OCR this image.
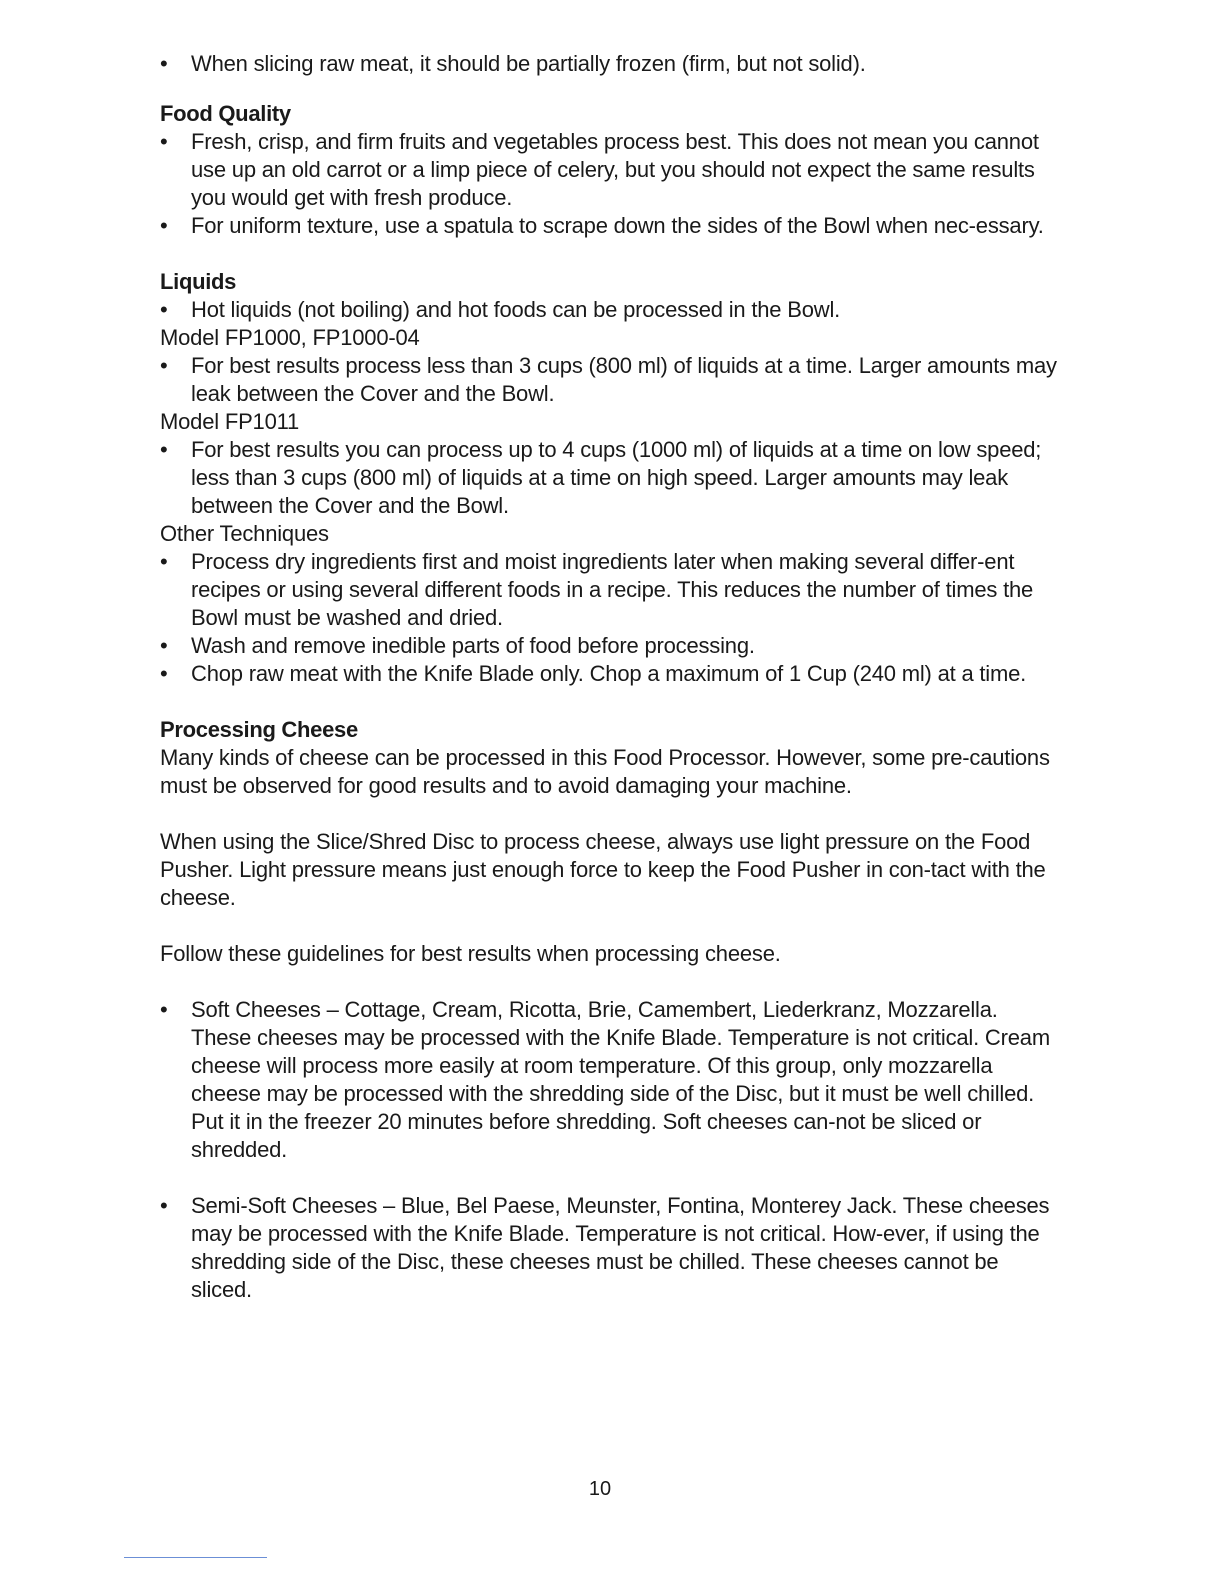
• When slicing raw meat, it should be partially frozen (firm, but not solid).
Food Quality
• Fresh, crisp, and firm fruits and vegetables process best. This does not mean you cannot use up an old carrot or a limp piece of celery, but you should not expect the same results you would get with fresh produce.
• For uniform texture, use a spatula to scrape down the sides of the Bowl when nec-essary.
Liquids
• Hot liquids (not boiling) and hot foods can be processed in the Bowl.

Model FP1000, FP1000-04

• For best results process less than 3 cups (800 ml) of liquids at a time. Larger amounts may leak between the Cover and the Bowl.

Model FP1011

• For best results you can process up to 4 cups (1000 ml) of liquids at a time on low speed; less than 3 cups (800 ml) of liquids at a time on high speed. Larger amounts may leak between the Cover and the Bowl.

Other Techniques

• Process dry ingredients first and moist ingredients later when making several differ-ent recipes or using several different foods in a recipe. This reduces the number of times the Bowl must be washed and dried.
• Wash and remove inedible parts of food before processing.
• Chop raw meat with the Knife Blade only. Chop a maximum of 1 Cup (240 ml) at a time.
Processing Cheese

Many kinds of cheese can be processed in this Food Processor. However, some pre-cautions must be observed for good results and to avoid damaging your machine.

When using the Slice/Shred Disc to process cheese, always use light pressure on the Food Pusher. Light pressure means just enough force to keep the Food Pusher in con-tact with the cheese.

Follow these guidelines for best results when processing cheese.

• Soft Cheeses – Cottage, Cream, Ricotta, Brie, Camembert, Liederkranz, Mozzarella. These cheeses may be processed with the Knife Blade. Temperature is not critical. Cream cheese will process more easily at room temperature. Of this group, only mozzarella cheese may be processed with the shredding side of the Disc, but it must be well chilled. Put it in the freezer 20 minutes before shredding. Soft cheeses can-not be sliced or shredded.
• Semi-Soft Cheeses – Blue, Bel Paese, Meunster, Fontina, Monterey Jack. These cheeses may be processed with the Knife Blade. Temperature is not critical. How-ever, if using the shredding side of the Disc, these cheeses must be chilled. These cheeses cannot be sliced.
10
